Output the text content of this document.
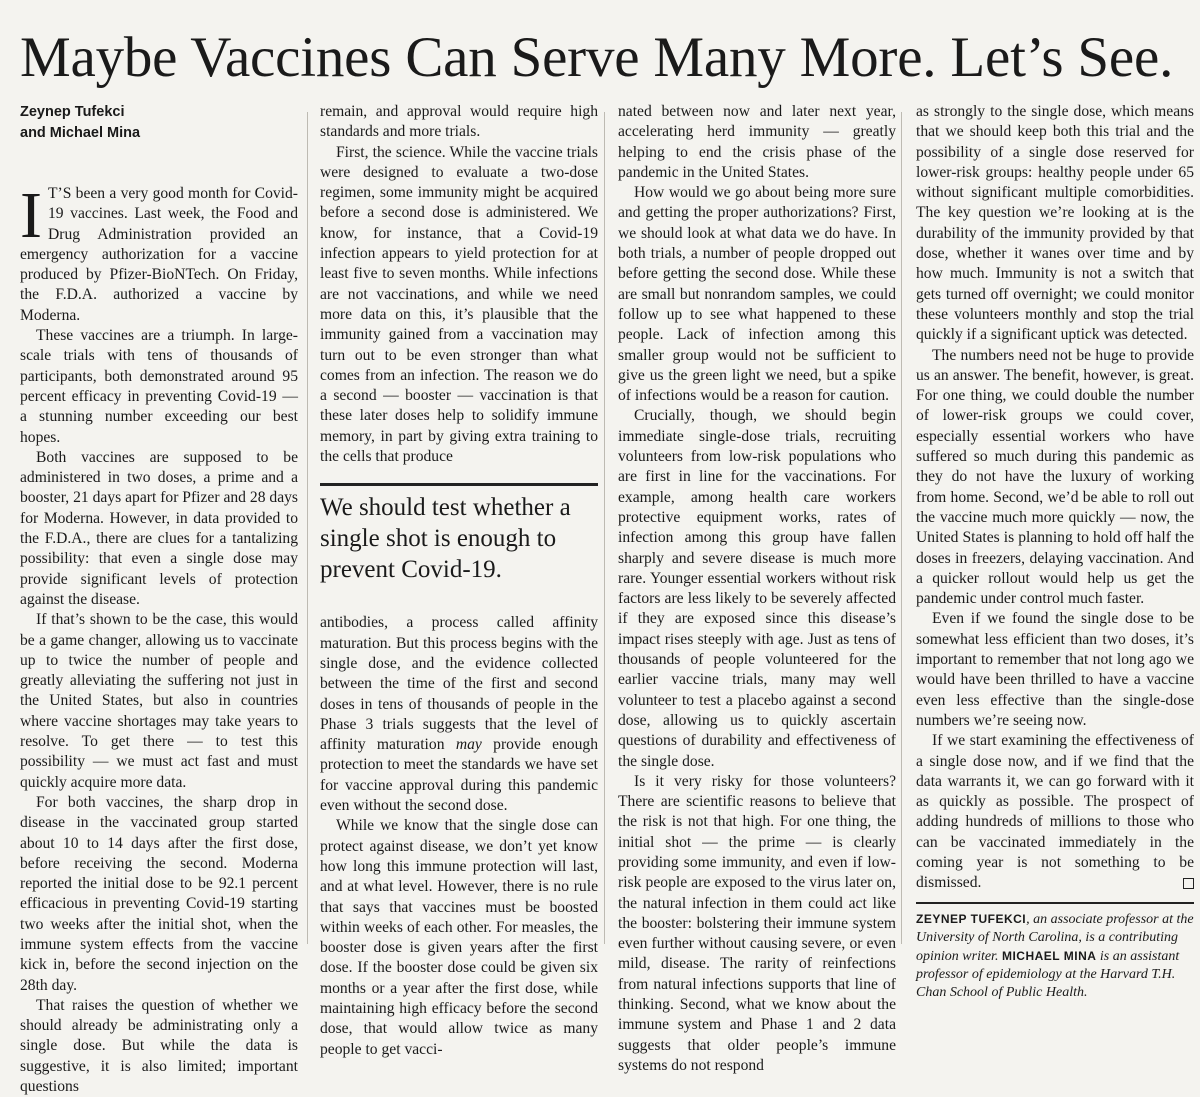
Maybe Vaccines Can Serve Many More. Let’s See.
Zeynep Tufekci
and Michael Mina

I T’S been a very good month for Covid-19 vaccines. Last week, the Food and Drug Administration provided an emergency authorization for a vaccine produced by Pfizer-BioNTech. On Friday, the F.D.A. authorized a vaccine by Moderna.

These vaccines are a triumph. In large-scale trials with tens of thousands of participants, both demonstrated around 95 percent efficacy in preventing Covid-19 — a stunning number exceeding our best hopes.

Both vaccines are supposed to be administered in two doses, a prime and a booster, 21 days apart for Pfizer and 28 days for Moderna. However, in data provided to the F.D.A., there are clues for a tantalizing possibility: that even a single dose may provide significant levels of protection against the disease.

If that’s shown to be the case, this would be a game changer, allowing us to vaccinate up to twice the number of people and greatly alleviating the suffering not just in the United States, but also in countries where vaccine shortages may take years to resolve. To get there — to test this possibility — we must act fast and must quickly acquire more data.

For both vaccines, the sharp drop in disease in the vaccinated group started about 10 to 14 days after the first dose, before receiving the second. Moderna reported the initial dose to be 92.1 percent efficacious in preventing Covid-19 starting two weeks after the initial shot, when the immune system effects from the vaccine kick in, before the second injection on the 28th day.

That raises the question of whether we should already be administrating only a single dose. But while the data is suggestive, it is also limited; important questions

remain, and approval would require high standards and more trials.

First, the science. While the vaccine trials were designed to evaluate a two-dose regimen, some immunity might be acquired before a second dose is administered. We know, for instance, that a Covid-19 infection appears to yield protection for at least five to seven months. While infections are not vaccinations, and while we need more data on this, it’s plausible that the immunity gained from a vaccination may turn out to be even stronger than what comes from an infection. The reason we do a second — booster — vaccination is that these later doses help to solidify immune memory, in part by giving extra training to the cells that produce

We should test whether a single shot is enough to prevent Covid-19.

antibodies, a process called affinity maturation. But this process begins with the single dose, and the evidence collected between the time of the first and second doses in tens of thousands of people in the Phase 3 trials suggests that the level of affinity maturation may provide enough protection to meet the standards we have set for vaccine approval during this pandemic even without the second dose.

While we know that the single dose can protect against disease, we don’t yet know how long this immune protection will last, and at what level. However, there is no rule that says that vaccines must be boosted within weeks of each other. For measles, the booster dose is given years after the first dose. If the booster dose could be given six months or a year after the first dose, while maintaining high efficacy before the second dose, that would allow twice as many people to get vacci-

nated between now and later next year, accelerating herd immunity — greatly helping to end the crisis phase of the pandemic in the United States.

How would we go about being more sure and getting the proper authorizations? First, we should look at what data we do have. In both trials, a number of people dropped out before getting the second dose. While these are small but nonrandom samples, we could follow up to see what happened to these people. Lack of infection among this smaller group would not be sufficient to give us the green light we need, but a spike of infections would be a reason for caution.

Crucially, though, we should begin immediate single-dose trials, recruiting volunteers from low-risk populations who are first in line for the vaccinations. For example, among health care workers protective equipment works, rates of infection among this group have fallen sharply and severe disease is much more rare. Younger essential workers without risk factors are less likely to be severely affected if they are exposed since this disease’s impact rises steeply with age. Just as tens of thousands of people volunteered for the earlier vaccine trials, many may well volunteer to test a placebo against a second dose, allowing us to quickly ascertain questions of durability and effectiveness of the single dose.

Is it very risky for those volunteers? There are scientific reasons to believe that the risk is not that high. For one thing, the initial shot — the prime — is clearly providing some immunity, and even if low-risk people are exposed to the virus later on, the natural infection in them could act like the booster: bolstering their immune system even further without causing severe, or even mild, disease. The rarity of reinfections from natural infections supports that line of thinking. Second, what we know about the immune system and Phase 1 and 2 data suggests that older people’s immune systems do not respond

as strongly to the single dose, which means that we should keep both this trial and the possibility of a single dose reserved for lower-risk groups: healthy people under 65 without significant multiple comorbidities. The key question we’re looking at is the durability of the immunity provided by that dose, whether it wanes over time and by how much. Immunity is not a switch that gets turned off overnight; we could monitor these volunteers monthly and stop the trial quickly if a significant uptick was detected.

The numbers need not be huge to provide us an answer. The benefit, however, is great. For one thing, we could double the number of lower-risk groups we could cover, especially essential workers who have suffered so much during this pandemic as they do not have the luxury of working from home. Second, we’d be able to roll out the vaccine much more quickly — now, the United States is planning to hold off half the doses in freezers, delaying vaccination. And a quicker rollout would help us get the pandemic under control much faster.

Even if we found the single dose to be somewhat less efficient than two doses, it’s important to remember that not long ago we would have been thrilled to have a vaccine even less effective than the single-dose numbers we’re seeing now.

If we start examining the effectiveness of a single dose now, and if we find that the data warrants it, we can go forward with it as quickly as possible. The prospect of adding hundreds of millions to those who can be vaccinated immediately in the coming year is not something to be dismissed.

ZEYNEP TUFEKCI, an associate professor at the University of North Carolina, is a contributing opinion writer. MICHAEL MINA is an assistant professor of epidemiology at the Harvard T.H. Chan School of Public Health.
